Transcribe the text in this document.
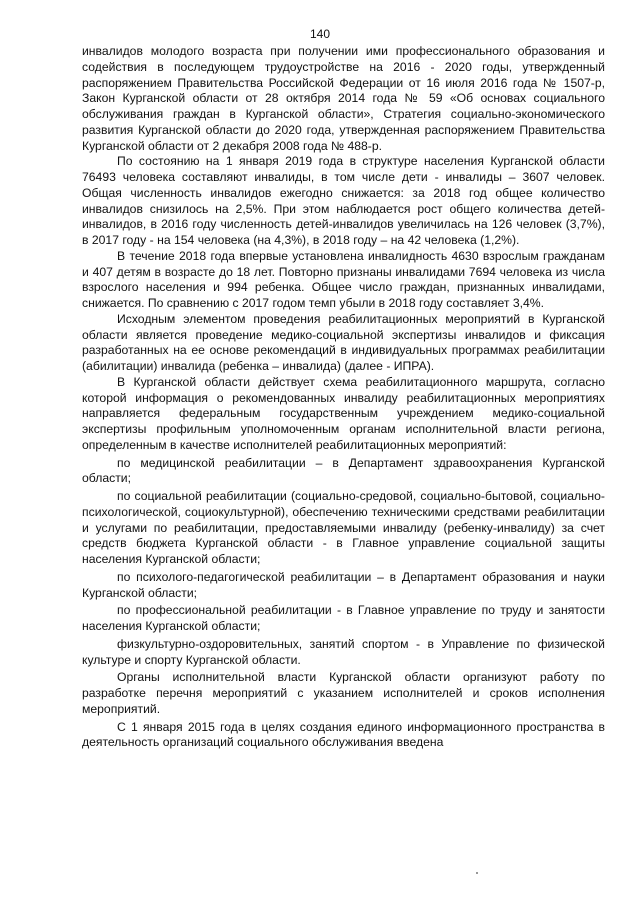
140

инвалидов молодого возраста при получении ими профессионального образования и содействия в последующем трудоустройстве на 2016 - 2020 годы, утвержденный распоряжением Правительства Российской Федерации от 16 июля 2016 года № 1507-р, Закон Курганской области от 28 октября 2014 года № 59 «Об основах социального обслуживания граждан в Курганской области», Стратегия социально-экономического развития Курганской области до 2020 года, утвержденная распоряжением Правительства Курганской области от 2 декабря 2008 года № 488-р.

По состоянию на 1 января 2019 года в структуре населения Курганской области 76493 человека составляют инвалиды, в том числе дети - инвалиды – 3607 человек. Общая численность инвалидов ежегодно снижается: за 2018 год общее количество инвалидов снизилось на 2,5%. При этом наблюдается рост общего количества детей-инвалидов, в 2016 году численность детей-инвалидов увеличилась на 126 человек (3,7%), в 2017 году - на 154 человека (на 4,3%), в 2018 году – на 42 человека (1,2%).

В течение 2018 года впервые установлена инвалидность 4630 взрослым гражданам и 407 детям в возрасте до 18 лет. Повторно признаны инвалидами 7694 человека из числа взрослого населения и 994 ребенка. Общее число граждан, признанных инвалидами, снижается. По сравнению с 2017 годом темп убыли в 2018 году составляет 3,4%.

Исходным элементом проведения реабилитационных мероприятий в Курганской области является проведение медико-социальной экспертизы инвалидов и фиксация разработанных на ее основе рекомендаций в индивидуальных программах реабилитации (абилитации) инвалида (ребенка – инвалида) (далее - ИПРА).

В Курганской области действует схема реабилитационного маршрута, согласно которой информация о рекомендованных инвалиду реабилитационных мероприятиях направляется федеральным государственным учреждением медико-социальной экспертизы профильным уполномоченным органам исполнительной власти региона, определенным в качестве исполнителей реабилитационных мероприятий:

по медицинской реабилитации – в Департамент здравоохранения Курганской области;

по социальной реабилитации (социально-средовой, социально-бытовой, социально-психологической, социокультурной), обеспечению техническими средствами реабилитации и услугами по реабилитации, предоставляемыми инвалиду (ребенку-инвалиду) за счет средств бюджета Курганской области - в Главное управление социальной защиты населения Курганской области;

по психолого-педагогической реабилитации – в Департамент образования и науки Курганской области;

по профессиональной реабилитации - в Главное управление по труду и занятости населения Курганской области;

физкультурно-оздоровительных, занятий спортом - в Управление по физической культуре и спорту Курганской области.

Органы исполнительной власти Курганской области организуют работу по разработке перечня мероприятий с указанием исполнителей и сроков исполнения мероприятий.

С 1 января 2015 года в целях создания единого информационного пространства в деятельность организаций социального обслуживания введена
